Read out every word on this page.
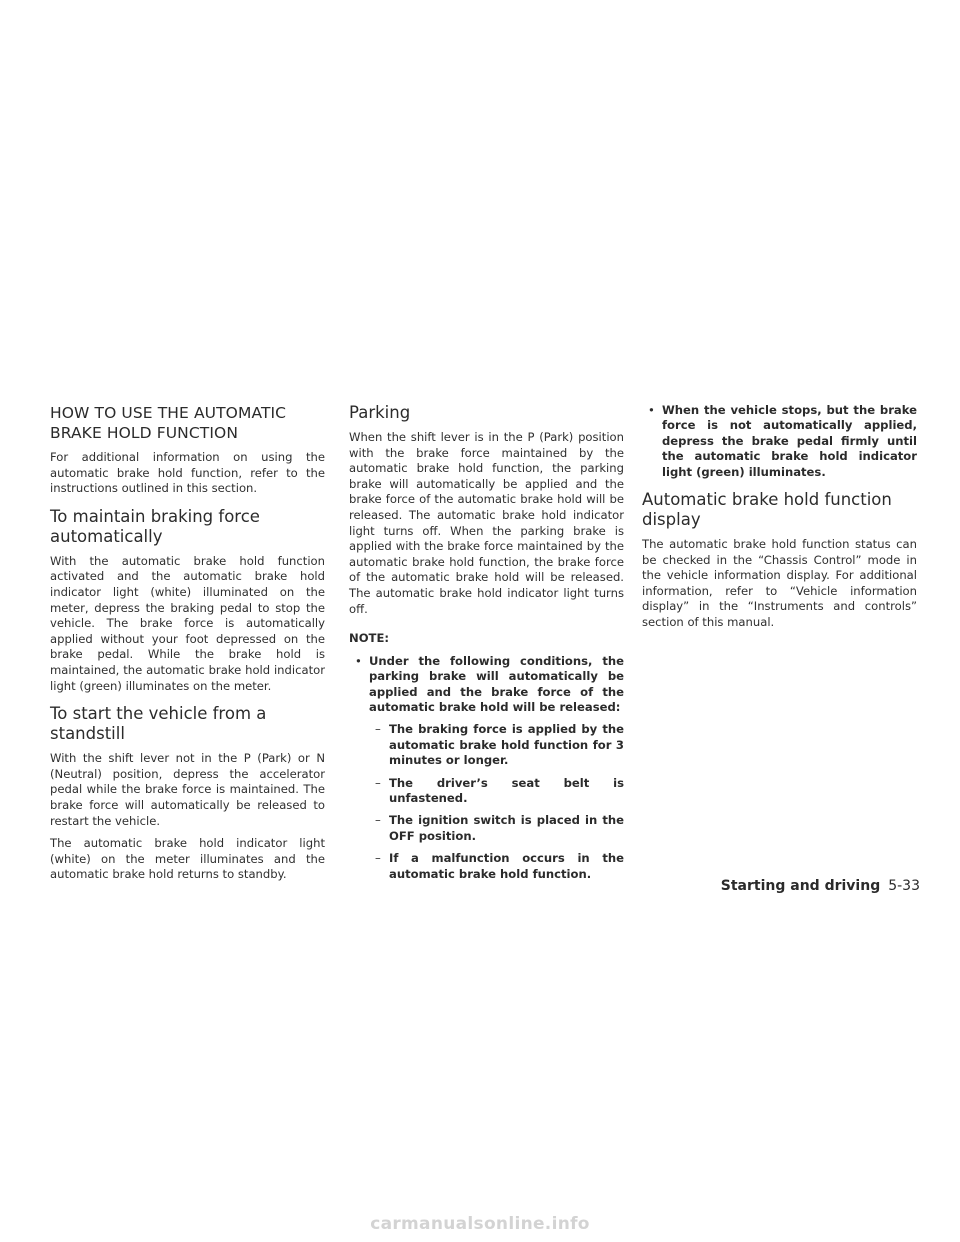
HOW TO USE THE AUTOMATIC
BRAKE HOLD FUNCTION

For additional information on using the automatic brake hold function, refer to the instructions outlined in this section.

To maintain braking force
automatically

With the automatic brake hold function activated and the automatic brake hold indicator light (white) illuminated on the meter, depress the braking pedal to stop the vehicle. The brake force is automatically applied without your foot depressed on the brake pedal. While the brake hold is maintained, the automatic brake hold indicator light (green) illuminates on the meter.

To start the vehicle from a
standstill

With the shift lever not in the P (Park) or N (Neutral) position, depress the accelerator pedal while the brake force is maintained. The brake force will automatically be released to restart the vehicle.

The automatic brake hold indicator light (white) on the meter illuminates and the automatic brake hold returns to standby.

Parking

When the shift lever is in the P (Park) position with the brake force maintained by the automatic brake hold function, the parking brake will automatically be applied and the brake force of the automatic brake hold will be released. The automatic brake hold indicator light turns off. When the parking brake is applied with the brake force maintained by the automatic brake hold function, the brake force of the automatic brake hold will be released. The automatic brake hold indicator light turns off.

NOTE:
• Under the following conditions, the parking brake will automatically be applied and the brake force of the automatic brake hold will be released:
– The braking force is applied by the automatic brake hold function for 3 minutes or longer.
– The driver’s seat belt is unfastened.
– The ignition switch is placed in the OFF position.
– If a malfunction occurs in the automatic brake hold function.
• When the vehicle stops, but the brake force is not automatically applied, depress the brake pedal firmly until the automatic brake hold indicator light (green) illuminates.
Automatic brake hold function
display

The automatic brake hold function status can be checked in the “Chassis Control” mode in the vehicle information display. For additional information, refer to “Vehicle information display” in the “Instruments and controls” section of this manual.

Starting and driving 5-33
carmanualsonline.info
